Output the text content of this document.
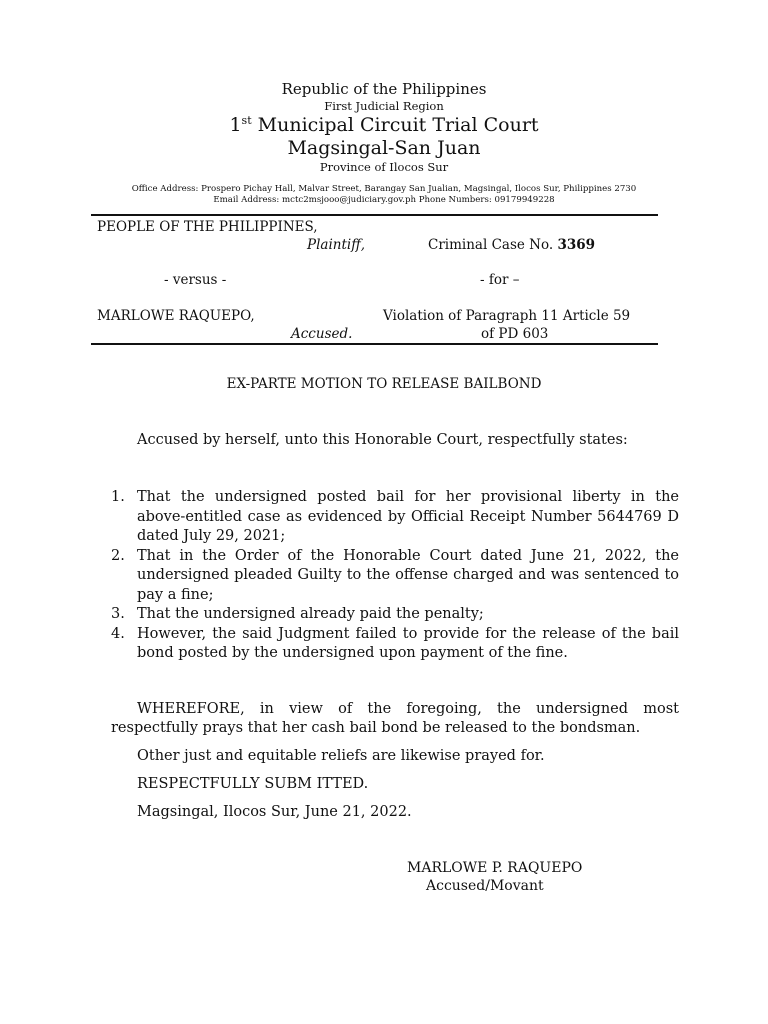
Republic of the Philippines
First Judicial Region
1st Municipal Circuit Trial Court
Magsingal-San Juan
Province of Ilocos Sur
Office Address: Prospero Pichay Hall, Malvar Street, Barangay San Jualian, Magsingal, Ilocos Sur, Philippines 2730
Email Address: mctc2msjooo@judiciary.gov.ph Phone Numbers: 09179949228
PEOPLE OF THE PHILIPPINES,
Plaintiff,	Criminal Case No. 3369
- versus -	- for –
MARLOWE RAQUEPO,	Violation of Paragraph 11 Article 59
Accused.	of PD 603
EX-PARTE MOTION TO RELEASE BAILBOND
Accused by herself, unto this Honorable Court, respectfully states:
1. That the undersigned posted bail for her provisional liberty in the
above-entitled case as evidenced by Official Receipt Number 5644769 D
dated July 29, 2021;
2. That in the Order of the Honorable Court dated June 21, 2022, the
undersigned pleaded Guilty to the offense charged and was sentenced to
pay a fine;
3. That the undersigned already paid the penalty;
4. However, the said Judgment failed to provide for the release of the bail
bond posted by the undersigned upon payment of the fine.
WHEREFORE, in view of the foregoing, the undersigned most
respectfully prays that her cash bail bond be released to the bondsman.
Other just and equitable reliefs are likewise prayed for.
RESPECTFULLY SUBM ITTED.
Magsingal, Ilocos Sur, June 21, 2022.
MARLOWE P. RAQUEPO
Accused/Movant
